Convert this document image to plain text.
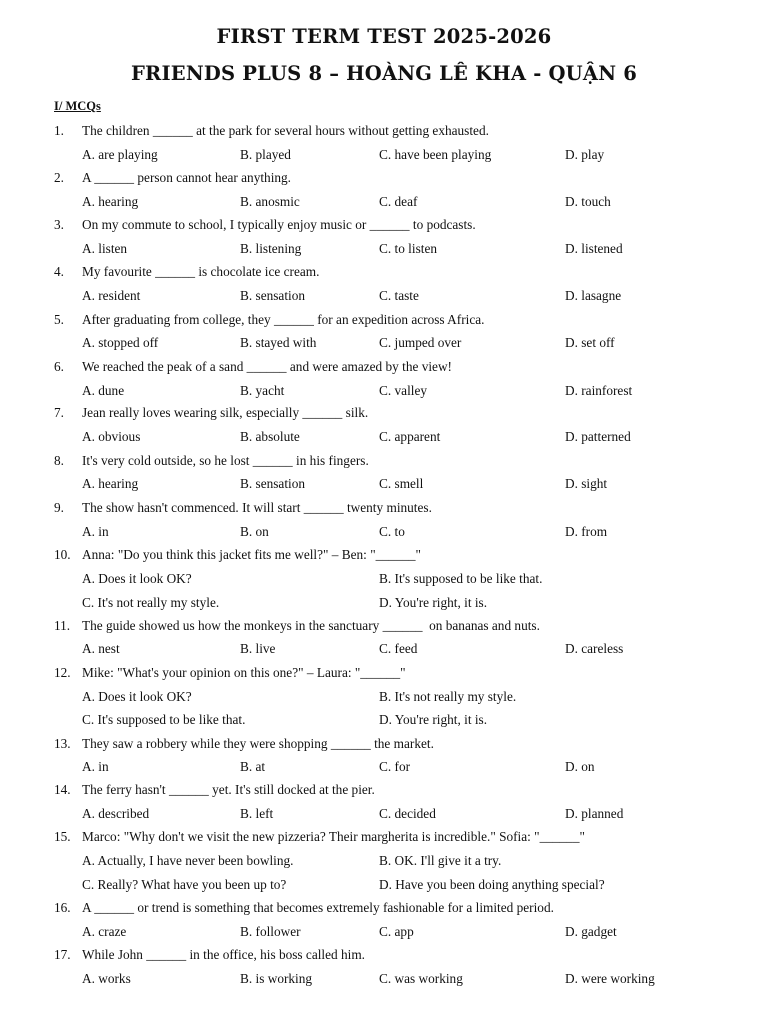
FIRST TERM TEST 2025-2026
FRIENDS PLUS 8 – HOÀNG LÊ KHA - QUẬN 6
I/ MCQs
1. The children ______ at the park for several hours without getting exhausted.
A. are playing	B. played	C. have been playing	D. play
2. A ______ person cannot hear anything.
A. hearing	B. anosmic	C. deaf	D. touch
3. On my commute to school, I typically enjoy music or ______ to podcasts.
A. listen	B. listening	C. to listen	D. listened
4. My favourite ______ is chocolate ice cream.
A. resident	B. sensation	C. taste	D. lasagne
5. After graduating from college, they ______ for an expedition across Africa.
A. stopped off	B. stayed with	C. jumped over	D. set off
6. We reached the peak of a sand ______ and were amazed by the view!
A. dune	B. yacht	C. valley	D. rainforest
7. Jean really loves wearing silk, especially ______ silk.
A. obvious	B. absolute	C. apparent	D. patterned
8. It's very cold outside, so he lost ______ in his fingers.
A. hearing	B. sensation	C. smell	D. sight
9. The show hasn't commenced. It will start ______ twenty minutes.
A. in	B. on	C. to	D. from
10. Anna: "Do you think this jacket fits me well?" – Ben: "______"
A. Does it look OK?	B. It's supposed to be like that.
C. It's not really my style.	D. You're right, it is.
11. The guide showed us how the monkeys in the sanctuary ______  on bananas and nuts.
A. nest	B. live	C. feed	D. careless
12. Mike: "What's your opinion on this one?" – Laura: "______"
A. Does it look OK?	B. It's not really my style.
C. It's supposed to be like that.	D. You're right, it is.
13. They saw a robbery while they were shopping ______ the market.
A. in	B. at	C. for	D. on
14. The ferry hasn't ______ yet. It's still docked at the pier.
A. described	B. left	C. decided	D. planned
15. Marco: "Why don't we visit the new pizzeria? Their margherita is incredible." Sofia: "______"
A. Actually, I have never been bowling.	B. OK. I'll give it a try.
C. Really? What have you been up to?	D. Have you been doing anything special?
16. A ______ or trend is something that becomes extremely fashionable for a limited period.
A. craze	B. follower	C. app	D. gadget
17. While John ______ in the office, his boss called him.
A. works	B. is working	C. was working	D. were working
